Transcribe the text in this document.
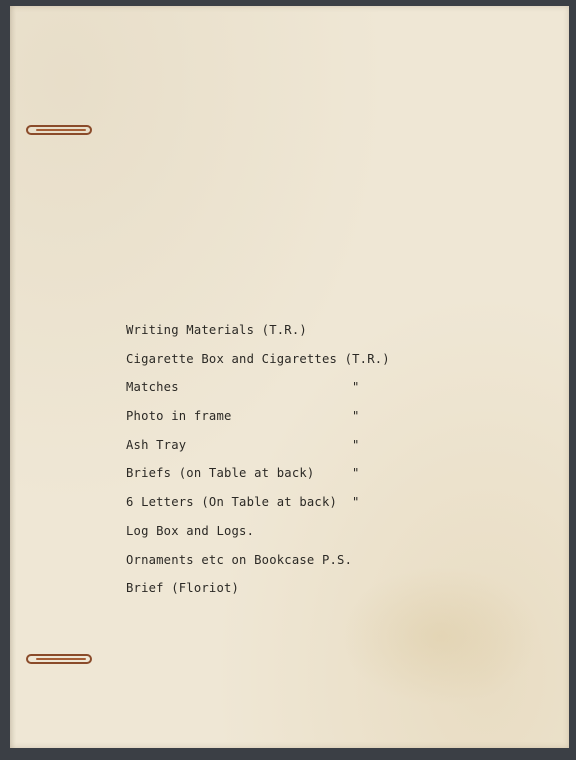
Writing Materials (T.R.)
Cigarette Box and Cigarettes (T.R.)
Matches	"
Photo in frame	"
Ash Tray	"
Briefs (on Table at back)	"
6 Letters (On Table at back) "
Log Box and Logs.
Ornaments etc on Bookcase P.S.
Brief (Floriot)
